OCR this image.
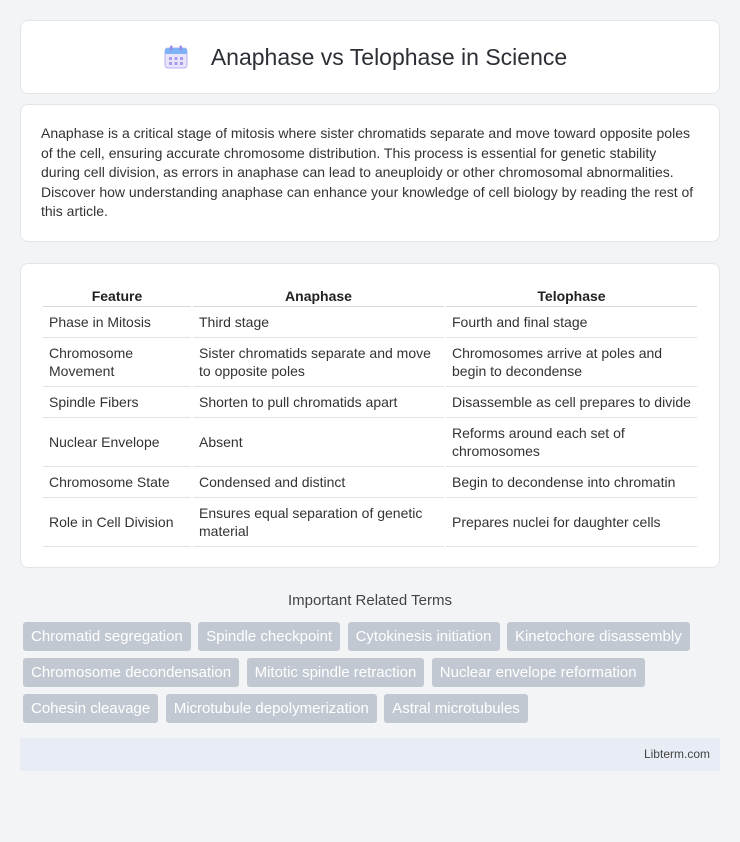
Anaphase vs Telophase in Science
Anaphase is a critical stage of mitosis where sister chromatids separate and move toward opposite poles of the cell, ensuring accurate chromosome distribution. This process is essential for genetic stability during cell division, as errors in anaphase can lead to aneuploidy or other chromosomal abnormalities. Discover how understanding anaphase can enhance your knowledge of cell biology by reading the rest of this article.
Feature	Anaphase	Telophase
Phase in Mitosis	Third stage	Fourth and final stage
Chromosome Movement	Sister chromatids separate and move to opposite poles	Chromosomes arrive at poles and begin to decondense
Spindle Fibers	Shorten to pull chromatids apart	Disassemble as cell prepares to divide
Nuclear Envelope	Absent	Reforms around each set of chromosomes
Chromosome State	Condensed and distinct	Begin to decondense into chromatin
Role in Cell Division	Ensures equal separation of genetic material	Prepares nuclei for daughter cells
Important Related Terms
Chromatid segregation Spindle checkpoint Cytokinesis initiation Kinetochore disassembly Chromosome decondensation Mitotic spindle retraction Nuclear envelope reformation Cohesin cleavage Microtubule depolymerization Astral microtubules
Libterm.com
